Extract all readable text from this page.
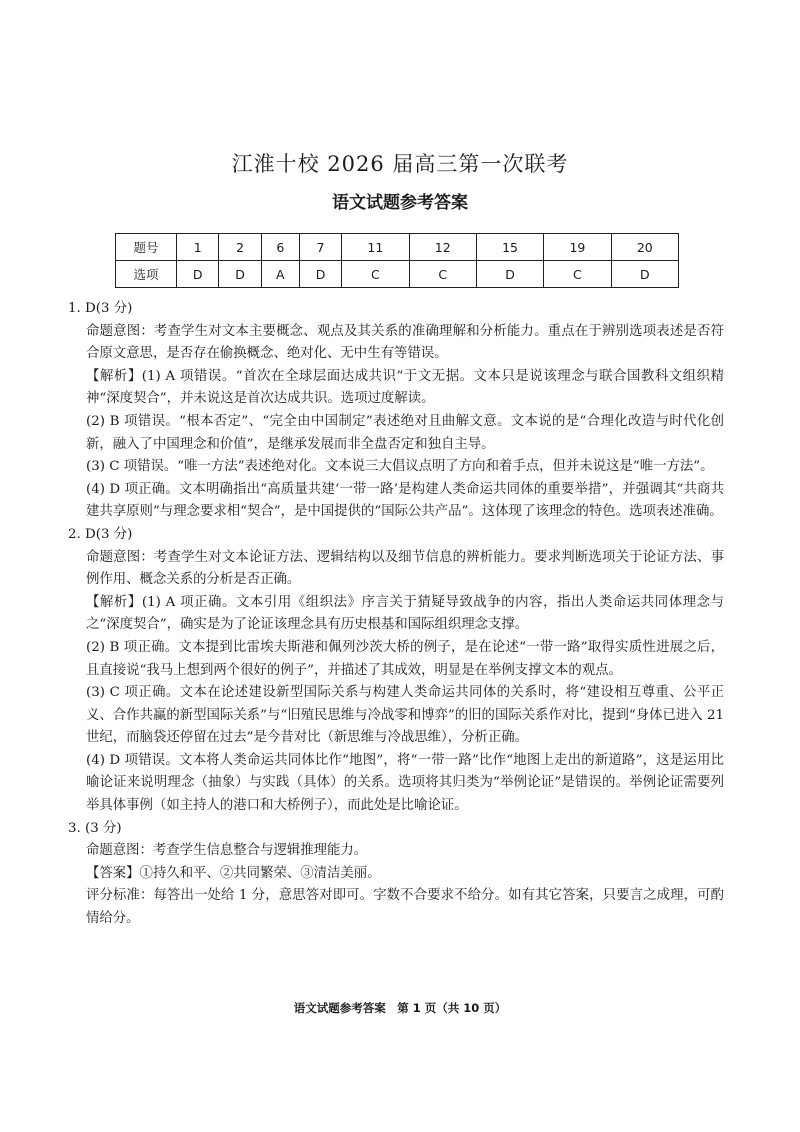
江淮十校 2026 届高三第一次联考
语文试题参考答案
题号	1	2	6	7	11	12	15	19	20
选项	D	D	A	D	C	C	D	C	D
1. D(3 分)
命题意图：考查学生对文本主要概念、观点及其关系的准确理解和分析能力。重点在于辨别选项表述是否符合原文意思，是否存在偷换概念、绝对化、无中生有等错误。
【解析】(1) A 项错误。“首次在全球层面达成共识”于文无据。文本只是说该理念与联合国教科文组织精神“深度契合”，并未说这是首次达成共识。选项过度解读。
(2) B 项错误。“根本否定”、“完全由中国制定”表述绝对且曲解文意。文本说的是“合理化改造与时代化创新，融入了中国理念和价值”，是继承发展而非全盘否定和独自主导。
(3) C 项错误。“唯一方法”表述绝对化。文本说三大倡议点明了方向和着手点，但并未说这是“唯一方法”。
(4) D 项正确。文本明确指出“高质量共建‘一带一路’是构建人类命运共同体的重要举措”，并强调其“共商共建共享原则”与理念要求相“契合”，是中国提供的“国际公共产品”。这体现了该理念的特色。选项表述准确。
2. D(3 分)
命题意图：考查学生对文本论证方法、逻辑结构以及细节信息的辨析能力。要求判断选项关于论证方法、事例作用、概念关系的分析是否正确。
【解析】(1) A 项正确。文本引用《组织法》序言关于猜疑导致战争的内容，指出人类命运共同体理念与之“深度契合”，确实是为了论证该理念具有历史根基和国际组织理念支撑。
(2) B 项正确。文本提到比雷埃夫斯港和佩列沙茨大桥的例子，是在论述“一带一路”取得实质性进展之后，且直接说“我马上想到两个很好的例子”，并描述了其成效，明显是在举例支撑文本的观点。
(3) C 项正确。文本在论述建设新型国际关系与构建人类命运共同体的关系时，将“建设相互尊重、公平正义、合作共赢的新型国际关系”与“旧殖民思维与冷战零和博弈”的旧的国际关系作对比，提到“身体已进入 21 世纪，而脑袋还停留在过去”是今昔对比（新思维与冷战思维），分析正确。
(4) D 项错误。文本将人类命运共同体比作“地图”，将“一带一路”比作“地图上走出的新道路”，这是运用比喻论证来说明理念（抽象）与实践（具体）的关系。选项将其归类为“举例论证”是错误的。举例论证需要列举具体事例（如主持人的港口和大桥例子），而此处是比喻论证。
3. (3 分)
命题意图：考查学生信息整合与逻辑推理能力。
【答案】①持久和平、②共同繁荣、③清洁美丽。
评分标准：每答出一处给 1 分，意思答对即可。字数不合要求不给分。如有其它答案，只要言之成理，可酌情给分。
语文试题参考答案　第 1 页（共 10 页）
